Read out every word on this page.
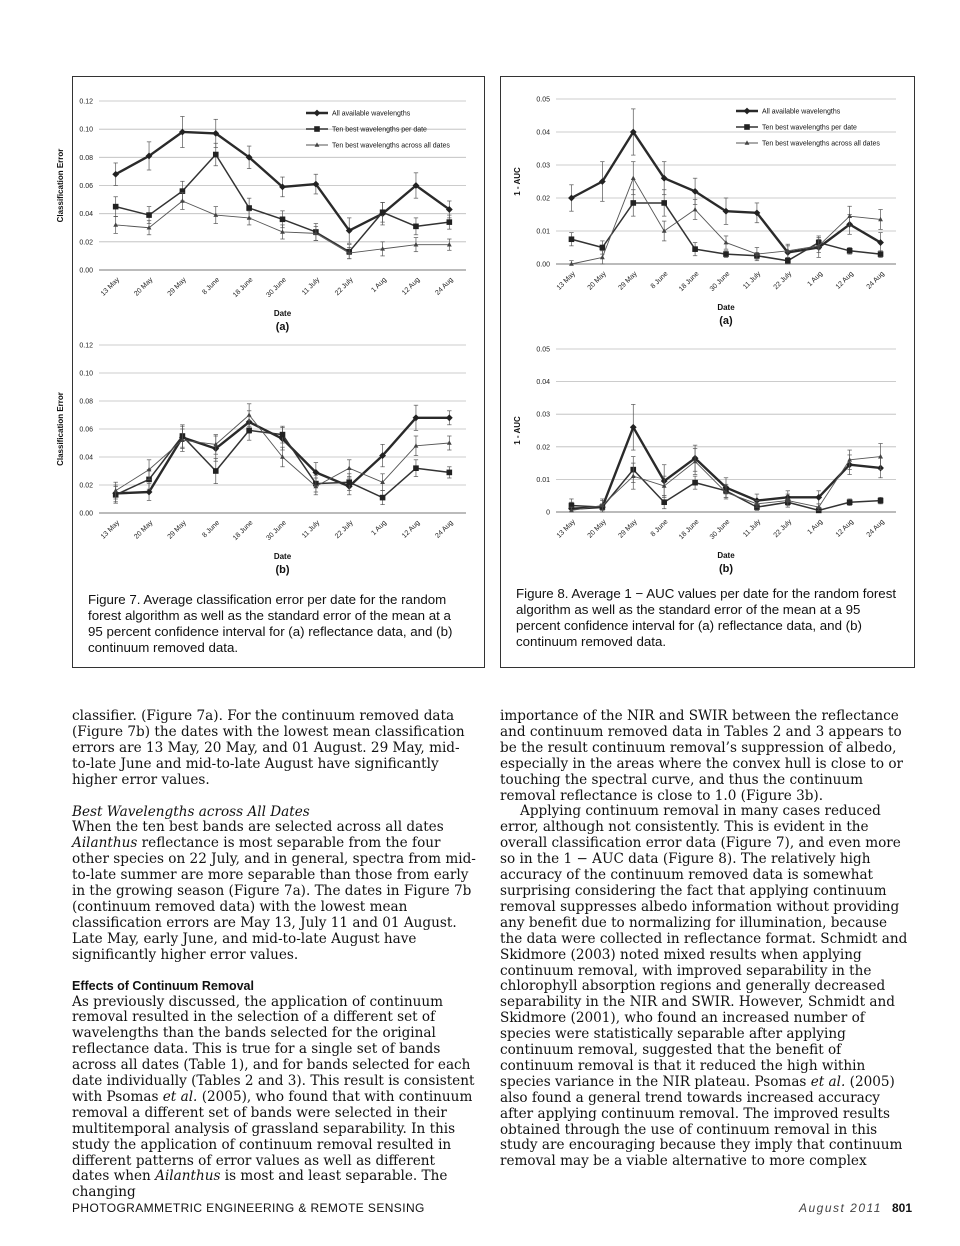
0.00
0.02
0.04
0.06
0.08
0.10
0.12
13 May 20 May 29 May 8 June 18 June 30 June 11 July 22 July 1 Aug 12 Aug 24 Aug
Date
(a)
Classification Error
All available wavelengths
Ten best wavelengths per date
Ten best wavelengths across all dates
0.00
0.02
0.04
0.06
0.08
0.10
0.12
13 May 20 May 29 May 8 June 18 June 30 June 11 July 22 July 1 Aug 12 Aug 24 Aug
Date
(b)
Classification Error
Figure 7. Average classification error per date for the random forest algorithm as well as the standard error of the mean at a 95 percent confidence interval for (a) reflectance data, and (b) continuum removed data.
0.00
0.01
0.02
0.03
0.04
0.05
13 May 20 May 29 May 8 June 18 June 30 June 11 July 22 July 1 Aug 12 Aug 24 Aug
Date
(a)
1 - AUC
All available wavelengths
Ten best wavelengths per date
Ten best wavelengths across all dates
0
0.01
0.02
0.03
0.04
0.05
13 May 20 May 29 May 8 June 18 June 30 June 11 July 22 July 1 Aug 12 Aug 24 Aug
Date
(b)
1 - AUC
Figure 8. Average 1 − AUC values per date for the random forest algorithm as well as the standard error of the mean at a 95 percent confidence interval for (a) reflectance data, and (b) continuum removed data.

classifier. (Figure 7a). For the continuum removed data (Figure 7b) the dates with the lowest mean classification errors are 13 May, 20 May, and 01 August. 29 May, mid-to-late June and mid-to-late August have significantly higher error values.

Best Wavelengths across All Dates

When the ten best bands are selected across all dates Ailanthus reflectance is most separable from the four other species on 22 July, and in general, spectra from mid-to-late summer are more separable than those from early in the growing season (Figure 7a). The dates in Figure 7b (continuum removed data) with the lowest mean classification errors are May 13, July 11 and 01 August. Late May, early June, and mid-to-late August have significantly higher error values.

Effects of Continuum Removal

As previously discussed, the application of continuum removal resulted in the selection of a different set of wavelengths than the bands selected for the original reflectance data. This is true for a single set of bands across all dates (Table 1), and for bands selected for each date individually (Tables 2 and 3). This result is consistent with Psomas et al. (2005), who found that with continuum removal a different set of bands were selected in their multitemporal analysis of grassland separability. In this study the application of continuum removal resulted in different patterns of error values as well as different dates when Ailanthus is most and least separable. The changing

importance of the NIR and SWIR between the reflectance and continuum removed data in Tables 2 and 3 appears to be the result continuum removal’s suppression of albedo, especially in the areas where the convex hull is close to or touching the spectral curve, and thus the continuum removal reflectance is close to 1.0 (Figure 3b).

Applying continuum removal in many cases reduced error, although not consistently. This is evident in the overall classification error data (Figure 7), and even more so in the 1 − AUC data (Figure 8). The relatively high accuracy of the continuum removed data is somewhat surprising considering the fact that applying continuum removal suppresses albedo information without providing any benefit due to normalizing for illumination, because the data were collected in reflectance format. Schmidt and Skidmore (2003) noted mixed results when applying continuum removal, with improved separability in the chlorophyll absorption regions and generally decreased separability in the NIR and SWIR. However, Schmidt and Skidmore (2001), who found an increased number of species were statistically separable after applying continuum removal, suggested that the benefit of continuum removal is that it reduced the high within species variance in the NIR plateau. Psomas et al. (2005) also found a general trend towards increased accuracy after applying continuum removal. The improved results obtained through the use of continuum removal in this study are encouraging because they imply that continuum removal may be a viable alternative to more complex

PHOTOGRAMMETRIC ENGINEERING & REMOTE SENSING	August 2011 801
